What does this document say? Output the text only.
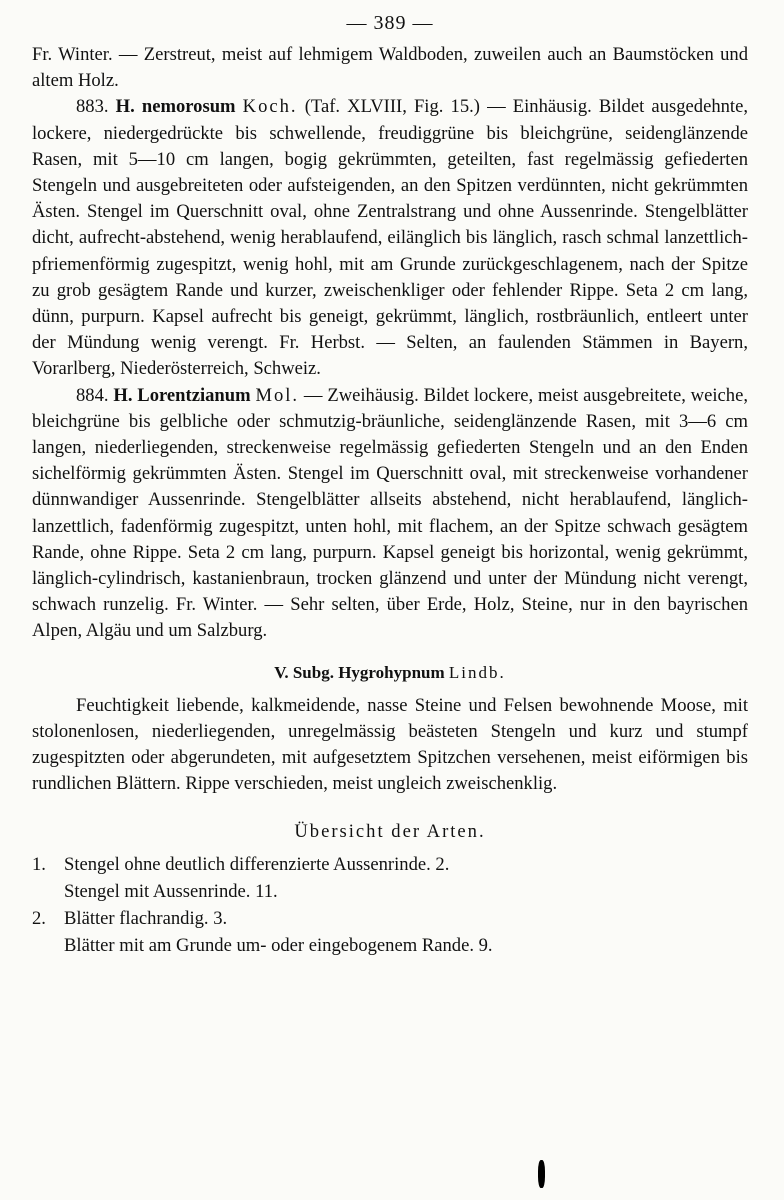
— 389 —

Fr. Winter. — Zerstreut, meist auf lehmigem Waldboden, zuweilen auch an Baumstöcken und altem Holz.

883. H. nemorosum Koch. (Taf. XLVIII, Fig. 15.) — Einhäusig. Bildet ausgedehnte, lockere, niedergedrückte bis schwellende, freudiggrüne bis bleichgrüne, seidenglänzende Rasen, mit 5—10 cm langen, bogig gekrümmten, geteilten, fast regelmässig gefiederten Stengeln und ausgebreiteten oder aufsteigenden, an den Spitzen verdünnten, nicht gekrümmten Ästen. Stengel im Querschnitt oval, ohne Zentralstrang und ohne Aussenrinde. Stengelblätter dicht, aufrecht-abstehend, wenig herablaufend, eilänglich bis länglich, rasch schmal lanzettlich-pfriemenförmig zugespitzt, wenig hohl, mit am Grunde zurückgeschlagenem, nach der Spitze zu grob gesägtem Rande und kurzer, zweischenkliger oder fehlender Rippe. Seta 2 cm lang, dünn, purpurn. Kapsel aufrecht bis geneigt, gekrümmt, länglich, rostbräunlich, entleert unter der Mündung wenig verengt. Fr. Herbst. — Selten, an faulenden Stämmen in Bayern, Vorarlberg, Niederösterreich, Schweiz.

884. H. Lorentzianum Mol. — Zweihäusig. Bildet lockere, meist ausgebreitete, weiche, bleichgrüne bis gelbliche oder schmutzig-bräunliche, seidenglänzende Rasen, mit 3—6 cm langen, niederliegenden, streckenweise regelmässig gefiederten Stengeln und an den Enden sichelförmig gekrümmten Ästen. Stengel im Querschnitt oval, mit streckenweise vorhandener dünnwandiger Aussenrinde. Stengelblätter allseits abstehend, nicht herablaufend, länglich-lanzettlich, fadenförmig zugespitzt, unten hohl, mit flachem, an der Spitze schwach gesägtem Rande, ohne Rippe. Seta 2 cm lang, purpurn. Kapsel geneigt bis horizontal, wenig gekrümmt, länglich-cylindrisch, kastanienbraun, trocken glänzend und unter der Mündung nicht verengt, schwach runzelig. Fr. Winter. — Sehr selten, über Erde, Holz, Steine, nur in den bayrischen Alpen, Algäu und um Salzburg.

V. Subg. Hygrohypnum Lindb.

Feuchtigkeit liebende, kalkmeidende, nasse Steine und Felsen bewohnende Moose, mit stolonenlosen, niederliegenden, unregelmässig beästeten Stengeln und kurz und stumpf zugespitzten oder abgerundeten, mit aufgesetztem Spitzchen versehenen, meist eiförmigen bis rundlichen Blättern. Rippe verschieden, meist ungleich zweischenklig.

Übersicht der Arten.
1. Stengel ohne deutlich differenzierte Aussenrinde. 2.
Stengel mit Aussenrinde. 11.
2. Blätter flachrandig. 3.
Blätter mit am Grunde um- oder eingebogenem Rande. 9.
